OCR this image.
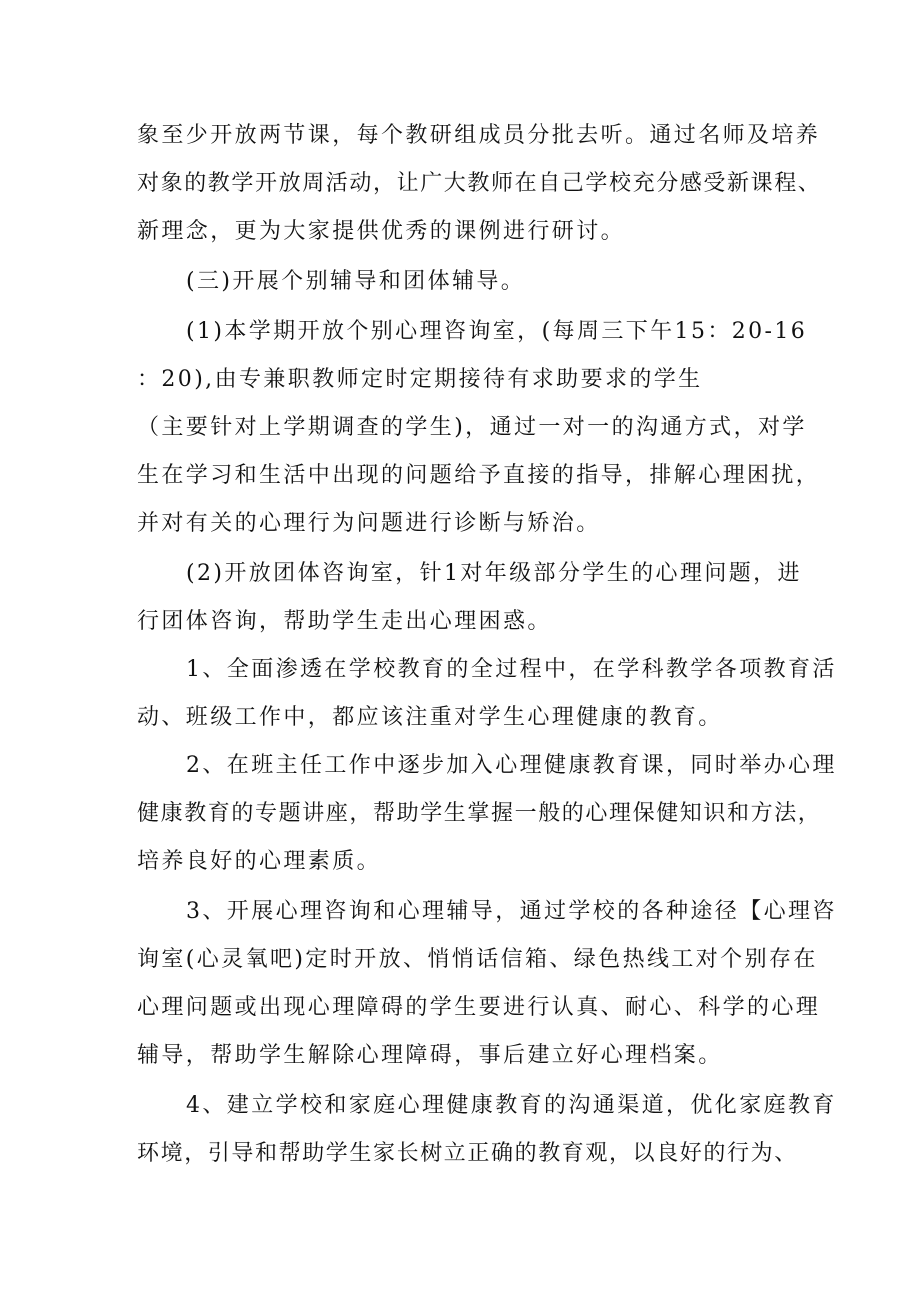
象至少开放两节课，每个教研组成员分批去听。通过名师及培养
对象的教学开放周活动，让广大教师在自己学校充分感受新课程、
新理念，更为大家提供优秀的课例进行研讨。
(三)开展个别辅导和团体辅导。
(1)本学期开放个别心理咨询室，(每周三下午15：20-16
：20),由专兼职教师定时定期接待有求助要求的学生
（主要针对上学期调查的学生)，通过一对一的沟通方式，对学
生在学习和生活中出现的问题给予直接的指导，排解心理困扰，
并对有关的心理行为问题进行诊断与矫治。
(2)开放团体咨询室，针1对年级部分学生的心理问题，进
行团体咨询，帮助学生走出心理困惑。
1、全面渗透在学校教育的全过程中，在学科教学各项教育活
动、班级工作中，都应该注重对学生心理健康的教育。
2、在班主任工作中逐步加入心理健康教育课，同时举办心理
健康教育的专题讲座，帮助学生掌握一般的心理保健知识和方法，
培养良好的心理素质。
3、开展心理咨询和心理辅导，通过学校的各种途径【心理咨
询室(心灵氧吧)定时开放、悄悄话信箱、绿色热线工对个别存在
心理问题或出现心理障碍的学生要进行认真、耐心、科学的心理
辅导，帮助学生解除心理障碍，事后建立好心理档案。
4、建立学校和家庭心理健康教育的沟通渠道，优化家庭教育
环境，引导和帮助学生家长树立正确的教育观，以良好的行为、
